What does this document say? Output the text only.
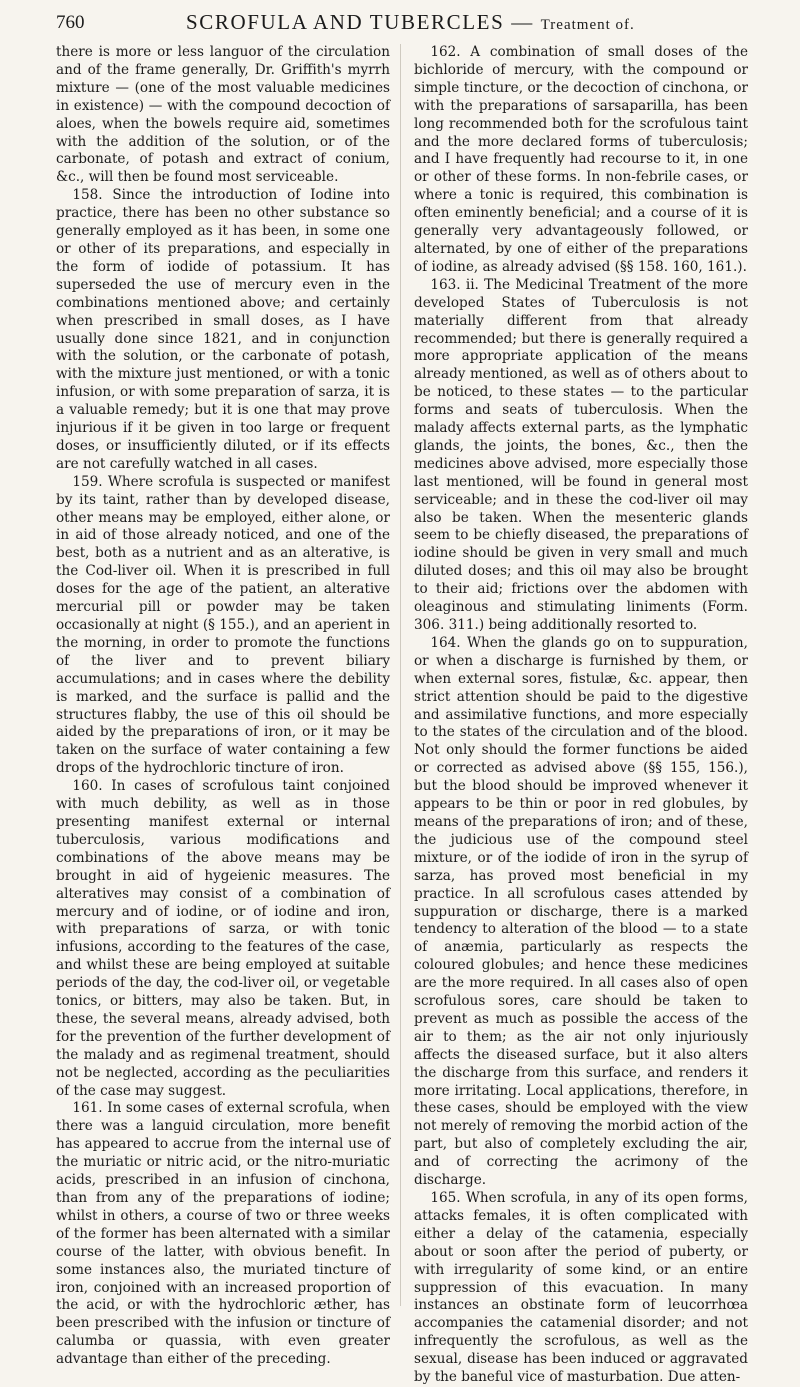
760	SCROFULA AND TUBERCLES — Treatment of.

there is more or less languor of the circulation and of the frame generally, Dr. Griffith's myrrh mixture — (one of the most valuable medicines in existence) — with the compound decoction of aloes, when the bowels require aid, sometimes with the addition of the solution, or of the carbonate, of potash and extract of conium, &c., will then be found most serviceable.

158. Since the introduction of Iodine into practice, there has been no other substance so generally employed as it has been, in some one or other of its preparations, and especially in the form of iodide of potassium. It has superseded the use of mercury even in the combinations mentioned above; and certainly when prescribed in small doses, as I have usually done since 1821, and in conjunction with the solution, or the carbonate of potash, with the mixture just mentioned, or with a tonic infusion, or with some preparation of sarza, it is a valuable remedy; but it is one that may prove injurious if it be given in too large or frequent doses, or insufficiently diluted, or if its effects are not carefully watched in all cases.

159. Where scrofula is suspected or manifest by its taint, rather than by developed disease, other means may be employed, either alone, or in aid of those already noticed, and one of the best, both as a nutrient and as an alterative, is the Cod-liver oil. When it is prescribed in full doses for the age of the patient, an alterative mercurial pill or powder may be taken occasionally at night (§ 155.), and an aperient in the morning, in order to promote the functions of the liver and to prevent biliary accumulations; and in cases where the debility is marked, and the surface is pallid and the structures flabby, the use of this oil should be aided by the preparations of iron, or it may be taken on the surface of water containing a few drops of the hydrochloric tincture of iron.

160. In cases of scrofulous taint conjoined with much debility, as well as in those presenting manifest external or internal tuberculosis, various modifications and combinations of the above means may be brought in aid of hygeienic measures. The alteratives may consist of a combination of mercury and of iodine, or of iodine and iron, with preparations of sarza, or with tonic infusions, according to the features of the case, and whilst these are being employed at suitable periods of the day, the cod-liver oil, or vegetable tonics, or bitters, may also be taken. But, in these, the several means, already advised, both for the prevention of the further development of the malady and as regimenal treatment, should not be neglected, according as the peculiarities of the case may suggest.

161. In some cases of external scrofula, when there was a languid circulation, more benefit has appeared to accrue from the internal use of the muriatic or nitric acid, or the nitro-muriatic acids, prescribed in an infusion of cinchona, than from any of the preparations of iodine; whilst in others, a course of two or three weeks of the former has been alternated with a similar course of the latter, with obvious benefit. In some instances also, the muriated tincture of iron, conjoined with an increased proportion of the acid, or with the hydrochloric æther, has been prescribed with the infusion or tincture of calumba or quassia, with even greater advantage than either of the preceding.

162. A combination of small doses of the bichloride of mercury, with the compound or simple tincture, or the decoction of cinchona, or with the preparations of sarsaparilla, has been long recommended both for the scrofulous taint and the more declared forms of tuberculosis; and I have frequently had recourse to it, in one or other of these forms. In non-febrile cases, or where a tonic is required, this combination is often eminently beneficial; and a course of it is generally very advantageously followed, or alternated, by one of either of the preparations of iodine, as already advised (§§ 158. 160, 161.).

163. ii. The Medicinal Treatment of the more developed States of Tuberculosis is not materially different from that already recommended; but there is generally required a more appropriate application of the means already mentioned, as well as of others about to be noticed, to these states — to the particular forms and seats of tuberculosis. When the malady affects external parts, as the lymphatic glands, the joints, the bones, &c., then the medicines above advised, more especially those last mentioned, will be found in general most serviceable; and in these the cod-liver oil may also be taken. When the mesenteric glands seem to be chiefly diseased, the preparations of iodine should be given in very small and much diluted doses; and this oil may also be brought to their aid; frictions over the abdomen with oleaginous and stimulating liniments (Form. 306. 311.) being additionally resorted to.

164. When the glands go on to suppuration, or when a discharge is furnished by them, or when external sores, fistulæ, &c. appear, then strict attention should be paid to the digestive and assimilative functions, and more especially to the states of the circulation and of the blood. Not only should the former functions be aided or corrected as advised above (§§ 155, 156.), but the blood should be improved whenever it appears to be thin or poor in red globules, by means of the preparations of iron; and of these, the judicious use of the compound steel mixture, or of the iodide of iron in the syrup of sarza, has proved most beneficial in my practice. In all scrofulous cases attended by suppuration or discharge, there is a marked tendency to alteration of the blood — to a state of anæmia, particularly as respects the coloured globules; and hence these medicines are the more required. In all cases also of open scrofulous sores, care should be taken to prevent as much as possible the access of the air to them; as the air not only injuriously affects the diseased surface, but it also alters the discharge from this surface, and renders it more irritating. Local applications, therefore, in these cases, should be employed with the view not merely of removing the morbid action of the part, but also of completely excluding the air, and of correcting the acrimony of the discharge.

165. When scrofula, in any of its open forms, attacks females, it is often complicated with either a delay of the catamenia, especially about or soon after the period of puberty, or with irregularity of some kind, or an entire suppression of this evacuation. In many instances an obstinate form of leucorrhœa accompanies the catamenial disorder; and not infrequently the scrofulous, as well as the sexual, disease has been induced or aggravated by the baneful vice of masturbation. Due atten-
